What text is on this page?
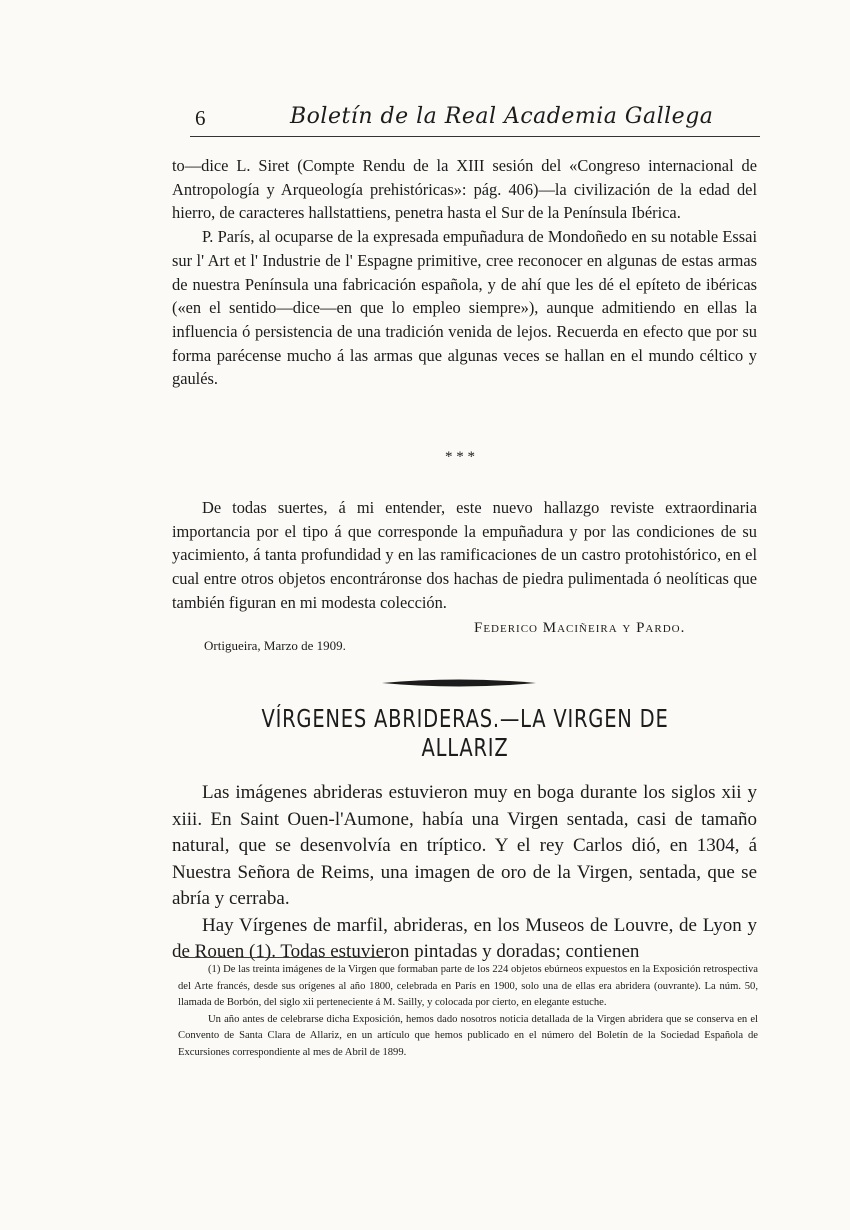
6	Boletín de la Real Academia Gallega

to—dice L. Siret (Compte Rendu de la XIII sesión del «Congreso internacional de Antropología y Arqueología prehistóricas»: pág. 406)—la civilización de la edad del hierro, de caracteres hallstattiens, penetra hasta el Sur de la Península Ibérica.

P. París, al ocuparse de la expresada empuñadura de Mondoñedo en su notable Essai sur l' Art et l' Industrie de l' Espagne primitive, cree reconocer en algunas de estas armas de nuestra Península una fabricación española, y de ahí que les dé el epíteto de ibéricas («en el sentido—dice—en que lo empleo siempre»), aunque admitiendo en ellas la influencia ó persistencia de una tradición venida de lejos. Recuerda en efecto que por su forma parécense mucho á las armas que algunas veces se hallan en el mundo céltico y gaulés.

* * *

De todas suertes, á mi entender, este nuevo hallazgo reviste extraordinaria importancia por el tipo á que corresponde la empuñadura y por las condiciones de su yacimiento, á tanta profundidad y en las ramificaciones de un castro protohistórico, en el cual entre otros objetos encontráronse dos hachas de piedra pulimentada ó neolíticas que también figuran en mi modesta colección.

Federico Maciñeira y Pardo.
Ortigueira, Marzo de 1909.
VÍRGENES ABRIDERAS.—LA VIRGEN DE ALLARIZ

Las imágenes abrideras estuvieron muy en boga durante los siglos xii y xiii. En Saint Ouen-l'Aumone, había una Virgen sentada, casi de tamaño natural, que se desenvolvía en tríptico. Y el rey Carlos dió, en 1304, á Nuestra Señora de Reims, una imagen de oro de la Virgen, sentada, que se abría y cerraba.

Hay Vírgenes de marfil, abrideras, en los Museos de Louvre, de Lyon y de Rouen (1). Todas estuvieron pintadas y doradas; contienen

(1) De las treinta imágenes de la Virgen que formaban parte de los 224 objetos ebúrneos expuestos en la Exposición retrospectiva del Arte francés, desde sus orígenes al año 1800, celebrada en París en 1900, solo una de ellas era abridera (ouvrante). La núm. 50, llamada de Borbón, del siglo xii perteneciente á M. Sailly, y colocada por cierto, en elegante estuche.

Un año antes de celebrarse dicha Exposición, hemos dado nosotros noticia detallada de la Virgen abridera que se conserva en el Convento de Santa Clara de Allariz, en un artículo que hemos publicado en el número del Boletín de la Sociedad Española de Excursiones correspondiente al mes de Abril de 1899.
